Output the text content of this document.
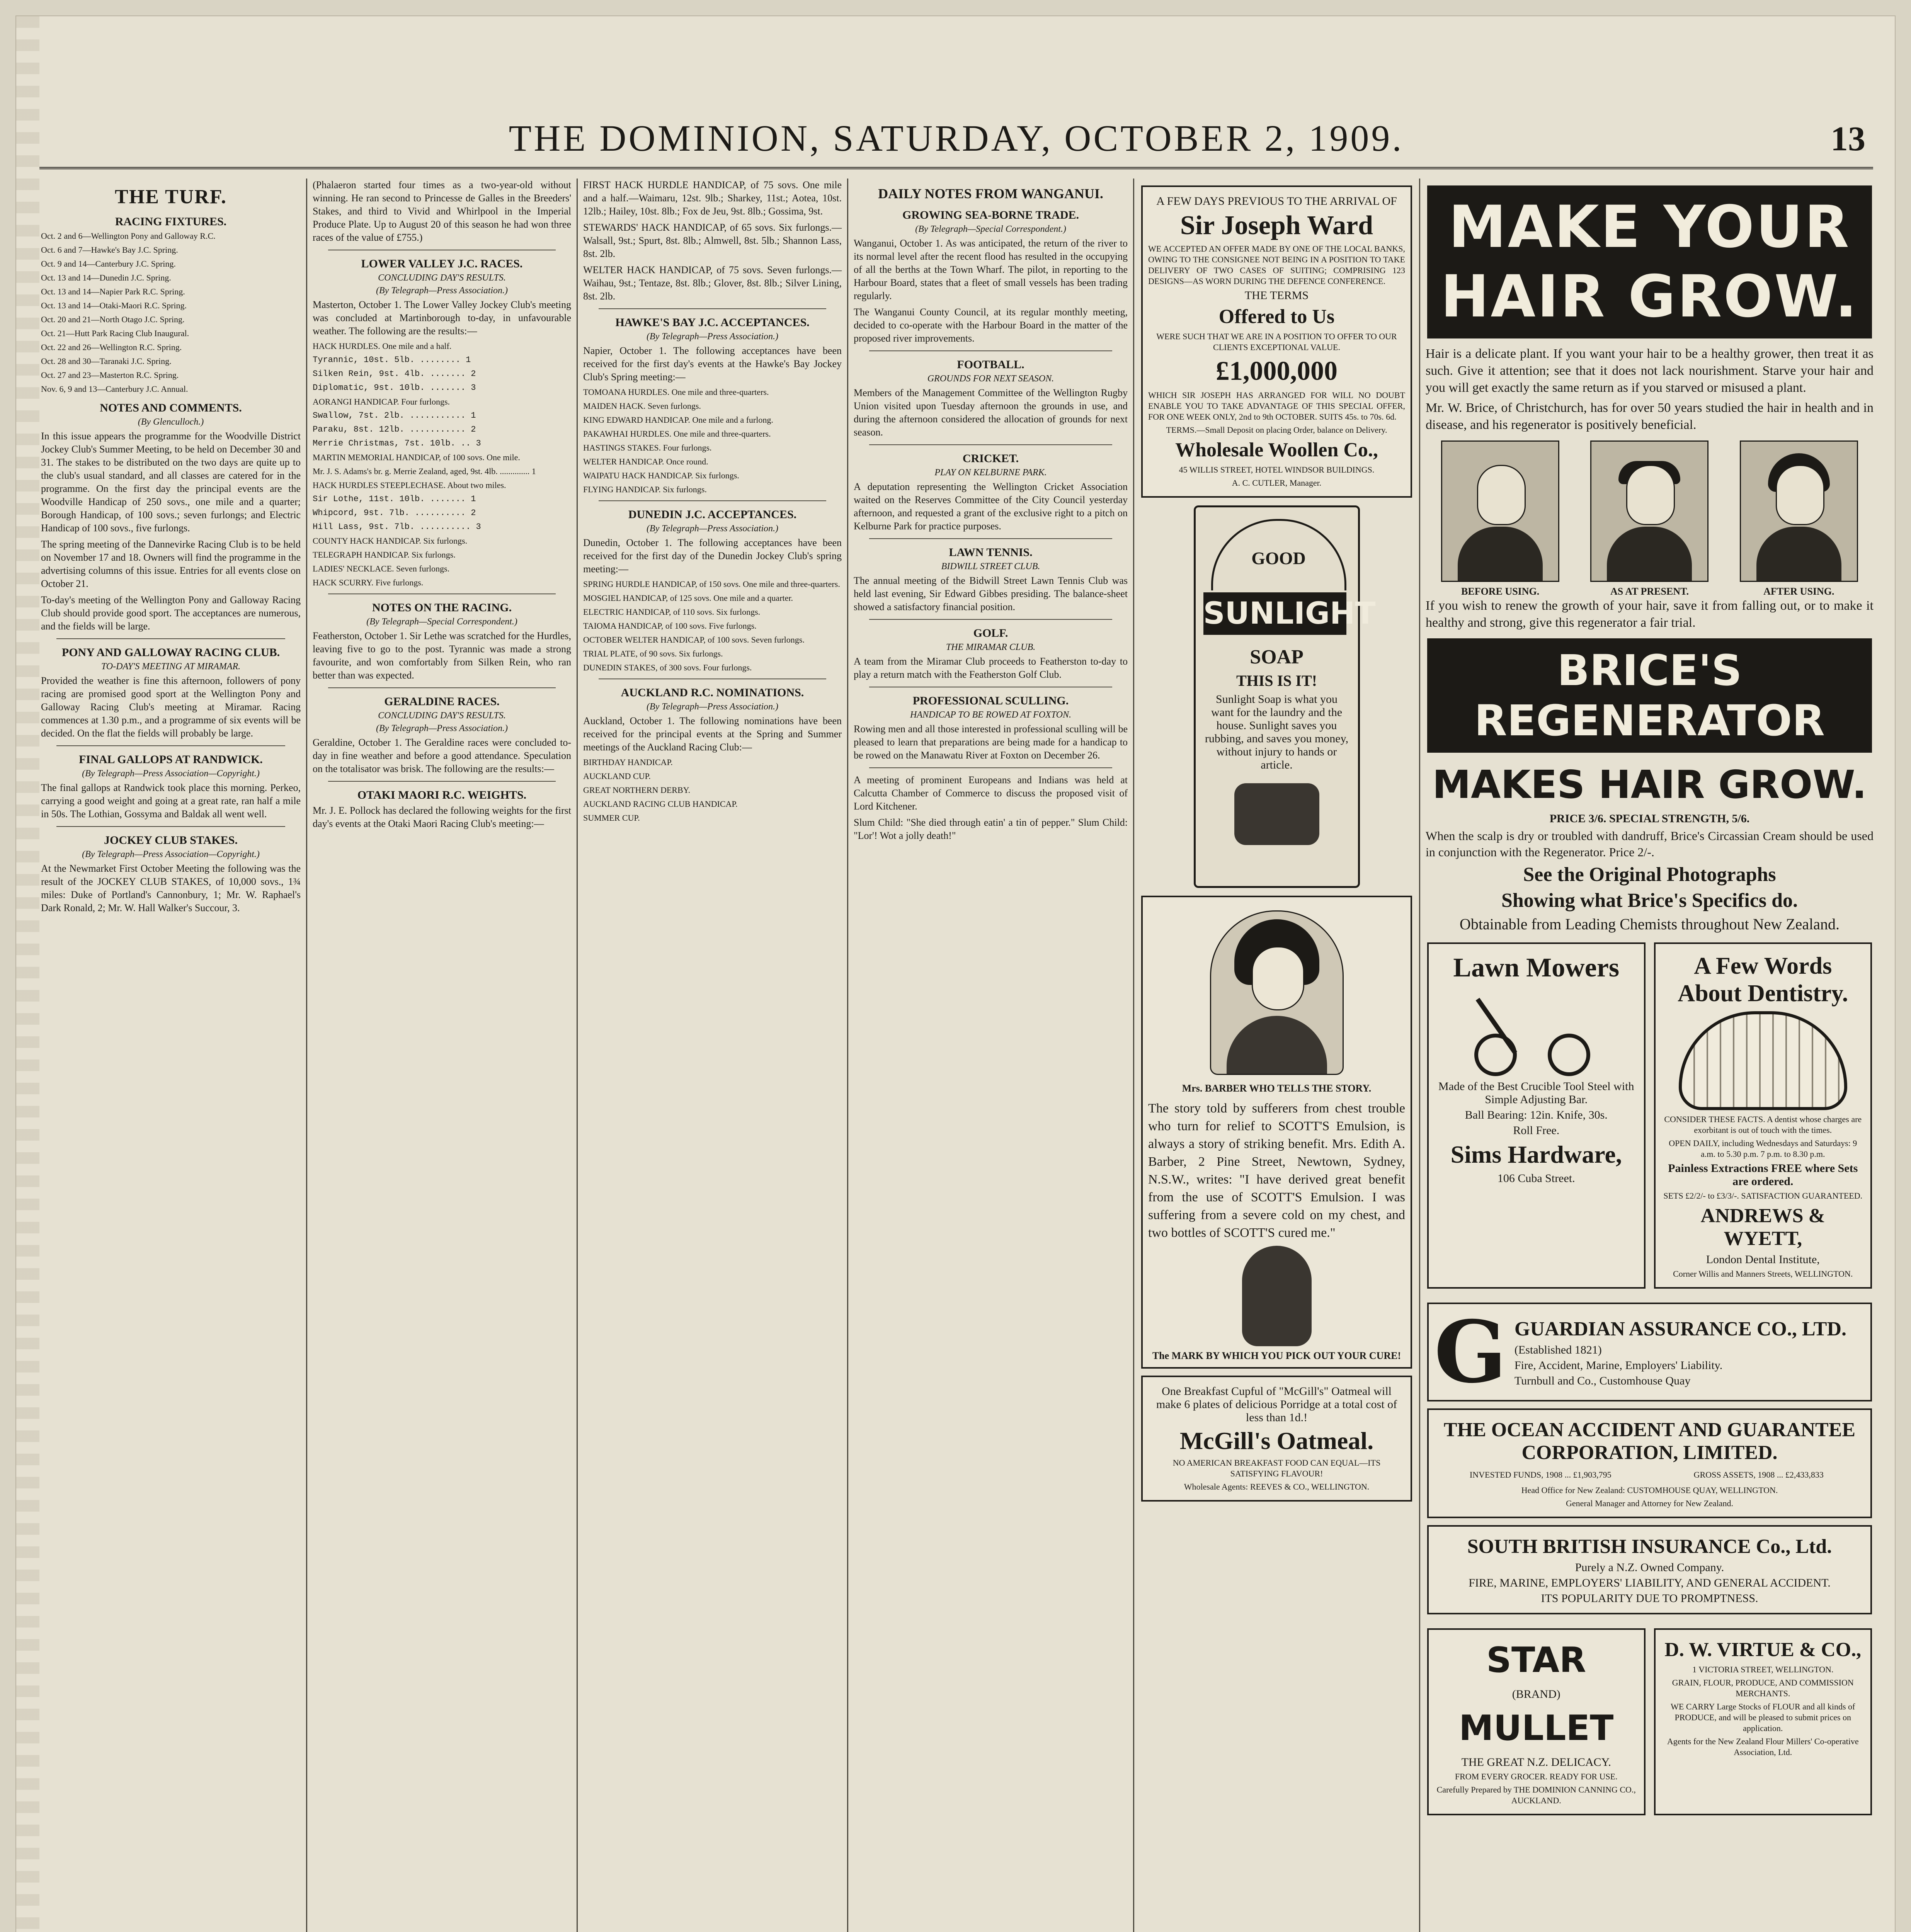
THE DOMINION, SATURDAY, OCTOBER 2, 1909.	13
THE TURF.
RACING FIXTURES.
Oct. 2 and 6—Wellington Pony and Galloway R.C.
Oct. 6 and 7—Hawke's Bay J.C. Spring.
Oct. 9 and 14—Canterbury J.C. Spring.
Oct. 13 and 14—Dunedin J.C. Spring.
Oct. 13 and 14—Napier Park R.C. Spring.
Oct. 13 and 14—Otaki-Maori R.C. Spring.
Oct. 20 and 21—North Otago J.C. Spring.
Oct. 21—Hutt Park Racing Club Inaugural.
Oct. 22 and 26—Wellington R.C. Spring.
Oct. 28 and 30—Taranaki J.C. Spring.
Oct. 27 and 23—Masterton R.C. Spring.
Nov. 6, 9 and 13—Canterbury J.C. Annual.
NOTES AND COMMENTS.
(By Glenculloch.)

In this issue appears the programme for the Woodville District Jockey Club's Summer Meeting, to be held on December 30 and 31. The stakes to be distributed on the two days are quite up to the club's usual standard, and all classes are catered for in the programme. On the first day the principal events are the Woodville Handicap of 250 sovs., one mile and a quarter; Borough Handicap, of 100 sovs.; seven furlongs; and Electric Handicap of 100 sovs., five furlongs.

The spring meeting of the Dannevirke Racing Club is to be held on November 17 and 18. Owners will find the programme in the advertising columns of this issue. Entries for all events close on October 21.

To-day's meeting of the Wellington Pony and Galloway Racing Club should provide good sport. The acceptances are numerous, and the fields will be large.

PONY AND GALLOWAY RACING CLUB.
TO-DAY'S MEETING AT MIRAMAR.

Provided the weather is fine this afternoon, followers of pony racing are promised good sport at the Wellington Pony and Galloway Racing Club's meeting at Miramar. Racing commences at 1.30 p.m., and a programme of six events will be decided. On the flat the fields will probably be large.

FINAL GALLOPS AT RANDWICK.
(By Telegraph—Press Association—Copyright.)

The final gallops at Randwick took place this morning. Perkeo, carrying a good weight and going at a great rate, ran half a mile in 50s. The Lothian, Gossyma and Baldak all went well.

JOCKEY CLUB STAKES.
(By Telegraph—Press Association—Copyright.)

At the Newmarket First October Meeting the following was the result of the JOCKEY CLUB STAKES, of 10,000 sovs., 1¾ miles: Duke of Portland's Cannonbury, 1; Mr. W. Raphael's Dark Ronald, 2; Mr. W. Hall Walker's Succour, 3.

(Phalaeron started four times as a two-year-old without winning. He ran second to Princesse de Galles in the Breeders' Stakes, and third to Vivid and Whirlpool in the Imperial Produce Plate. Up to August 20 of this season he had won three races of the value of £755.)

LOWER VALLEY J.C. RACES.
CONCLUDING DAY'S RESULTS.
(By Telegraph—Press Association.)

Masterton, October 1. The Lower Valley Jockey Club's meeting was concluded at Martinborough to-day, in unfavourable weather. The following are the results:—

HACK HURDLES. One mile and a half.
Tyrannic, 10st. 5lb. ........ 1
Silken Rein, 9st. 4lb. ....... 2
Diplomatic, 9st. 10lb. ....... 3
AORANGI HANDICAP. Four furlongs.
Swallow, 7st. 2lb. ........... 1
Paraku, 8st. 12lb. ........... 2
Merrie Christmas, 7st. 10lb. .. 3
MARTIN MEMORIAL HANDICAP, of 100 sovs. One mile.
Mr. J. S. Adams's br. g. Merrie Zealand, aged, 9st. 4lb. .............. 1
HACK HURDLES STEEPLECHASE. About two miles.
Sir Lothe, 11st. 10lb. ....... 1
Whipcord, 9st. 7lb. .......... 2
Hill Lass, 9st. 7lb. .......... 3
COUNTY HACK HANDICAP. Six furlongs.
TELEGRAPH HANDICAP. Six furlongs.
LADIES' NECKLACE. Seven furlongs.
HACK SCURRY. Five furlongs.
NOTES ON THE RACING.
(By Telegraph—Special Correspondent.)

Featherston, October 1. Sir Lethe was scratched for the Hurdles, leaving five to go to the post. Tyrannic was made a strong favourite, and won comfortably from Silken Rein, who ran better than was expected.

GERALDINE RACES.
CONCLUDING DAY'S RESULTS.
(By Telegraph—Press Association.)

Geraldine, October 1. The Geraldine races were concluded to-day in fine weather and before a good attendance. Speculation on the totalisator was brisk. The following are the results:—

OTAKI MAORI R.C. WEIGHTS.

Mr. J. E. Pollock has declared the following weights for the first day's events at the Otaki Maori Racing Club's meeting:—

FIRST HACK HURDLE HANDICAP, of 75 sovs. One mile and a half.—Waimaru, 12st. 9lb.; Sharkey, 11st.; Aotea, 10st. 12lb.; Hailey, 10st. 8lb.; Fox de Jeu, 9st. 8lb.; Gossima, 9st.

STEWARDS' HACK HANDICAP, of 65 sovs. Six furlongs.—Walsall, 9st.; Spurt, 8st. 8lb.; Almwell, 8st. 5lb.; Shannon Lass, 8st. 2lb.

WELTER HACK HANDICAP, of 75 sovs. Seven furlongs.—Waihau, 9st.; Tentaze, 8st. 8lb.; Glover, 8st. 8lb.; Silver Lining, 8st. 2lb.

HAWKE'S BAY J.C. ACCEPTANCES.
(By Telegraph—Press Association.)

Napier, October 1. The following acceptances have been received for the first day's events at the Hawke's Bay Jockey Club's Spring meeting:—

TOMOANA HURDLES. One mile and three-quarters.
MAIDEN HACK. Seven furlongs.
KING EDWARD HANDICAP. One mile and a furlong.
PAKAWHAI HURDLES. One mile and three-quarters.
HASTINGS STAKES. Four furlongs.
WELTER HANDICAP. Once round.
WAIPATU HACK HANDICAP. Six furlongs.
FLYING HANDICAP. Six furlongs.
DUNEDIN J.C. ACCEPTANCES.
(By Telegraph—Press Association.)

Dunedin, October 1. The following acceptances have been received for the first day of the Dunedin Jockey Club's spring meeting:—

SPRING HURDLE HANDICAP, of 150 sovs. One mile and three-quarters.
MOSGIEL HANDICAP, of 125 sovs. One mile and a quarter.
ELECTRIC HANDICAP, of 110 sovs. Six furlongs.
TAIOMA HANDICAP, of 100 sovs. Five furlongs.
OCTOBER WELTER HANDICAP, of 100 sovs. Seven furlongs.
TRIAL PLATE, of 90 sovs. Six furlongs.
DUNEDIN STAKES, of 300 sovs. Four furlongs.
AUCKLAND R.C. NOMINATIONS.
(By Telegraph—Press Association.)

Auckland, October 1. The following nominations have been received for the principal events at the Spring and Summer meetings of the Auckland Racing Club:—

BIRTHDAY HANDICAP.
AUCKLAND CUP.
GREAT NORTHERN DERBY.
AUCKLAND RACING CLUB HANDICAP.
SUMMER CUP.
DAILY NOTES FROM WANGANUI.
GROWING SEA-BORNE TRADE.
(By Telegraph—Special Correspondent.)

Wanganui, October 1. As was anticipated, the return of the river to its normal level after the recent flood has resulted in the occupying of all the berths at the Town Wharf. The pilot, in reporting to the Harbour Board, states that a fleet of small vessels has been trading regularly.

The Wanganui County Council, at its regular monthly meeting, decided to co-operate with the Harbour Board in the matter of the proposed river improvements.

FOOTBALL.
GROUNDS FOR NEXT SEASON.

Members of the Management Committee of the Wellington Rugby Union visited upon Tuesday afternoon the grounds in use, and during the afternoon considered the allocation of grounds for next season.

CRICKET.
PLAY ON KELBURNE PARK.

A deputation representing the Wellington Cricket Association waited on the Reserves Committee of the City Council yesterday afternoon, and requested a grant of the exclusive right to a pitch on Kelburne Park for practice purposes.

LAWN TENNIS.
BIDWILL STREET CLUB.

The annual meeting of the Bidwill Street Lawn Tennis Club was held last evening, Sir Edward Gibbes presiding. The balance-sheet showed a satisfactory financial position.

GOLF.
THE MIRAMAR CLUB.

A team from the Miramar Club proceeds to Featherston to-day to play a return match with the Featherston Golf Club.

PROFESSIONAL SCULLING.
HANDICAP TO BE ROWED AT FOXTON.

Rowing men and all those interested in professional sculling will be pleased to learn that preparations are being made for a handicap to be rowed on the Manawatu River at Foxton on December 26.

A meeting of prominent Europeans and Indians was held at Calcutta Chamber of Commerce to discuss the proposed visit of Lord Kitchener.

Slum Child: "She died through eatin' a tin of pepper." Slum Child: "Lor'! Wot a jolly death!"

A FEW DAYS PREVIOUS TO THE ARRIVAL OF
Sir Joseph Ward
WE ACCEPTED AN OFFER MADE BY ONE OF THE LOCAL BANKS, OWING TO THE CONSIGNEE NOT BEING IN A POSITION TO TAKE DELIVERY OF TWO CASES OF SUITING; COMPRISING 123 DESIGNS—AS WORN DURING THE DEFENCE CONFERENCE.
THE TERMS
Offered to Us
WERE SUCH THAT WE ARE IN A POSITION TO OFFER TO OUR CLIENTS EXCEPTIONAL VALUE.
£1,000,000
WHICH SIR JOSEPH HAS ARRANGED FOR WILL NO DOUBT ENABLE YOU TO TAKE ADVANTAGE OF THIS SPECIAL OFFER, FOR ONE WEEK ONLY, 2nd to 9th OCTOBER. SUITS 45s. to 70s. 6d.
TERMS.—Small Deposit on placing Order, balance on Delivery.
Wholesale Woollen Co.,
45 WILLIS STREET, HOTEL WINDSOR BUILDINGS.
A. C. CUTLER, Manager.
GOOD
SUNLIGHT
SOAP
THIS IS IT!
Sunlight Soap is what you want for the laundry and the house. Sunlight saves you rubbing, and saves you money, without injury to hands or article.
Mrs. BARBER WHO TELLS THE STORY.
The story told by sufferers from chest trouble who turn for relief to SCOTT'S Emulsion, is always a story of striking benefit. Mrs. Edith A. Barber, 2 Pine Street, Newtown, Sydney, N.S.W., writes: "I have derived great benefit from the use of SCOTT'S Emulsion. I was suffering from a severe cold on my chest, and two bottles of SCOTT'S cured me."
The MARK BY WHICH YOU PICK OUT YOUR CURE!
One Breakfast Cupful of "McGill's" Oatmeal will make 6 plates of delicious Porridge at a total cost of less than 1d.!
McGill's Oatmeal.
NO AMERICAN BREAKFAST FOOD CAN EQUAL—ITS SATISFYING FLAVOUR!
Wholesale Agents: REEVES & CO., WELLINGTON.
MAKE YOUR HAIR GROW.

Hair is a delicate plant. If you want your hair to be a healthy grower, then treat it as such. Give it attention; see that it does not lack nourishment. Starve your hair and you will get exactly the same return as if you starved or misused a plant.

Mr. W. Brice, of Christchurch, has for over 50 years studied the hair in health and in disease, and his regenerator is positively beneficial.

BEFORE USING.	AS AT PRESENT.	AFTER USING.

If you wish to renew the growth of your hair, save it from falling out, or to make it healthy and strong, give this regenerator a fair trial.

BRICE'S REGENERATOR
MAKES HAIR GROW.
PRICE 3/6. SPECIAL STRENGTH, 5/6.

When the scalp is dry or troubled with dandruff, Brice's Circassian Cream should be used in conjunction with the Regenerator. Price 2/-.

See the Original Photographs
Showing what Brice's Specifics do.
Obtainable from Leading Chemists throughout New Zealand.
Lawn Mowers
Made of the Best Crucible Tool Steel with Simple Adjusting Bar.
Ball Bearing: 12in. Knife, 30s.
Roll Free.
Sims Hardware,
106 Cuba Street.
A Few Words About Dentistry.
CONSIDER THESE FACTS. A dentist whose charges are exorbitant is out of touch with the times.
OPEN DAILY, including Wednesdays and Saturdays: 9 a.m. to 5.30 p.m. 7 p.m. to 8.30 p.m.
Painless Extractions FREE where Sets are ordered.
SETS £2/2/- to £3/3/-. SATISFACTION GUARANTEED.
ANDREWS & WYETT,
London Dental Institute,
Corner Willis and Manners Streets, WELLINGTON.
G GUARDIAN ASSURANCE CO., LTD.
(Established 1821)
Fire, Accident, Marine, Employers' Liability.
Turnbull and Co., Customhouse Quay
THE OCEAN ACCIDENT AND GUARANTEE CORPORATION, LIMITED.
INVESTED FUNDS, 1908 ... £1,903,795	GROSS ASSETS, 1908 ... £2,433,833
Head Office for New Zealand: CUSTOMHOUSE QUAY, WELLINGTON.
General Manager and Attorney for New Zealand.
SOUTH BRITISH INSURANCE Co., Ltd.
Purely a N.Z. Owned Company.
FIRE, MARINE, EMPLOYERS' LIABILITY, AND GENERAL ACCIDENT.
ITS POPULARITY DUE TO PROMPTNESS.
STAR
(BRAND)
MULLET
THE GREAT N.Z. DELICACY.
FROM EVERY GROCER. READY FOR USE.
Carefully Prepared by THE DOMINION CANNING CO., AUCKLAND.
D. W. VIRTUE & CO.,
1 VICTORIA STREET, WELLINGTON.
GRAIN, FLOUR, PRODUCE, AND COMMISSION MERCHANTS.
WE CARRY Large Stocks of FLOUR and all kinds of PRODUCE, and will be pleased to submit prices on application.
Agents for the New Zealand Flour Millers' Co-operative Association, Ltd.
